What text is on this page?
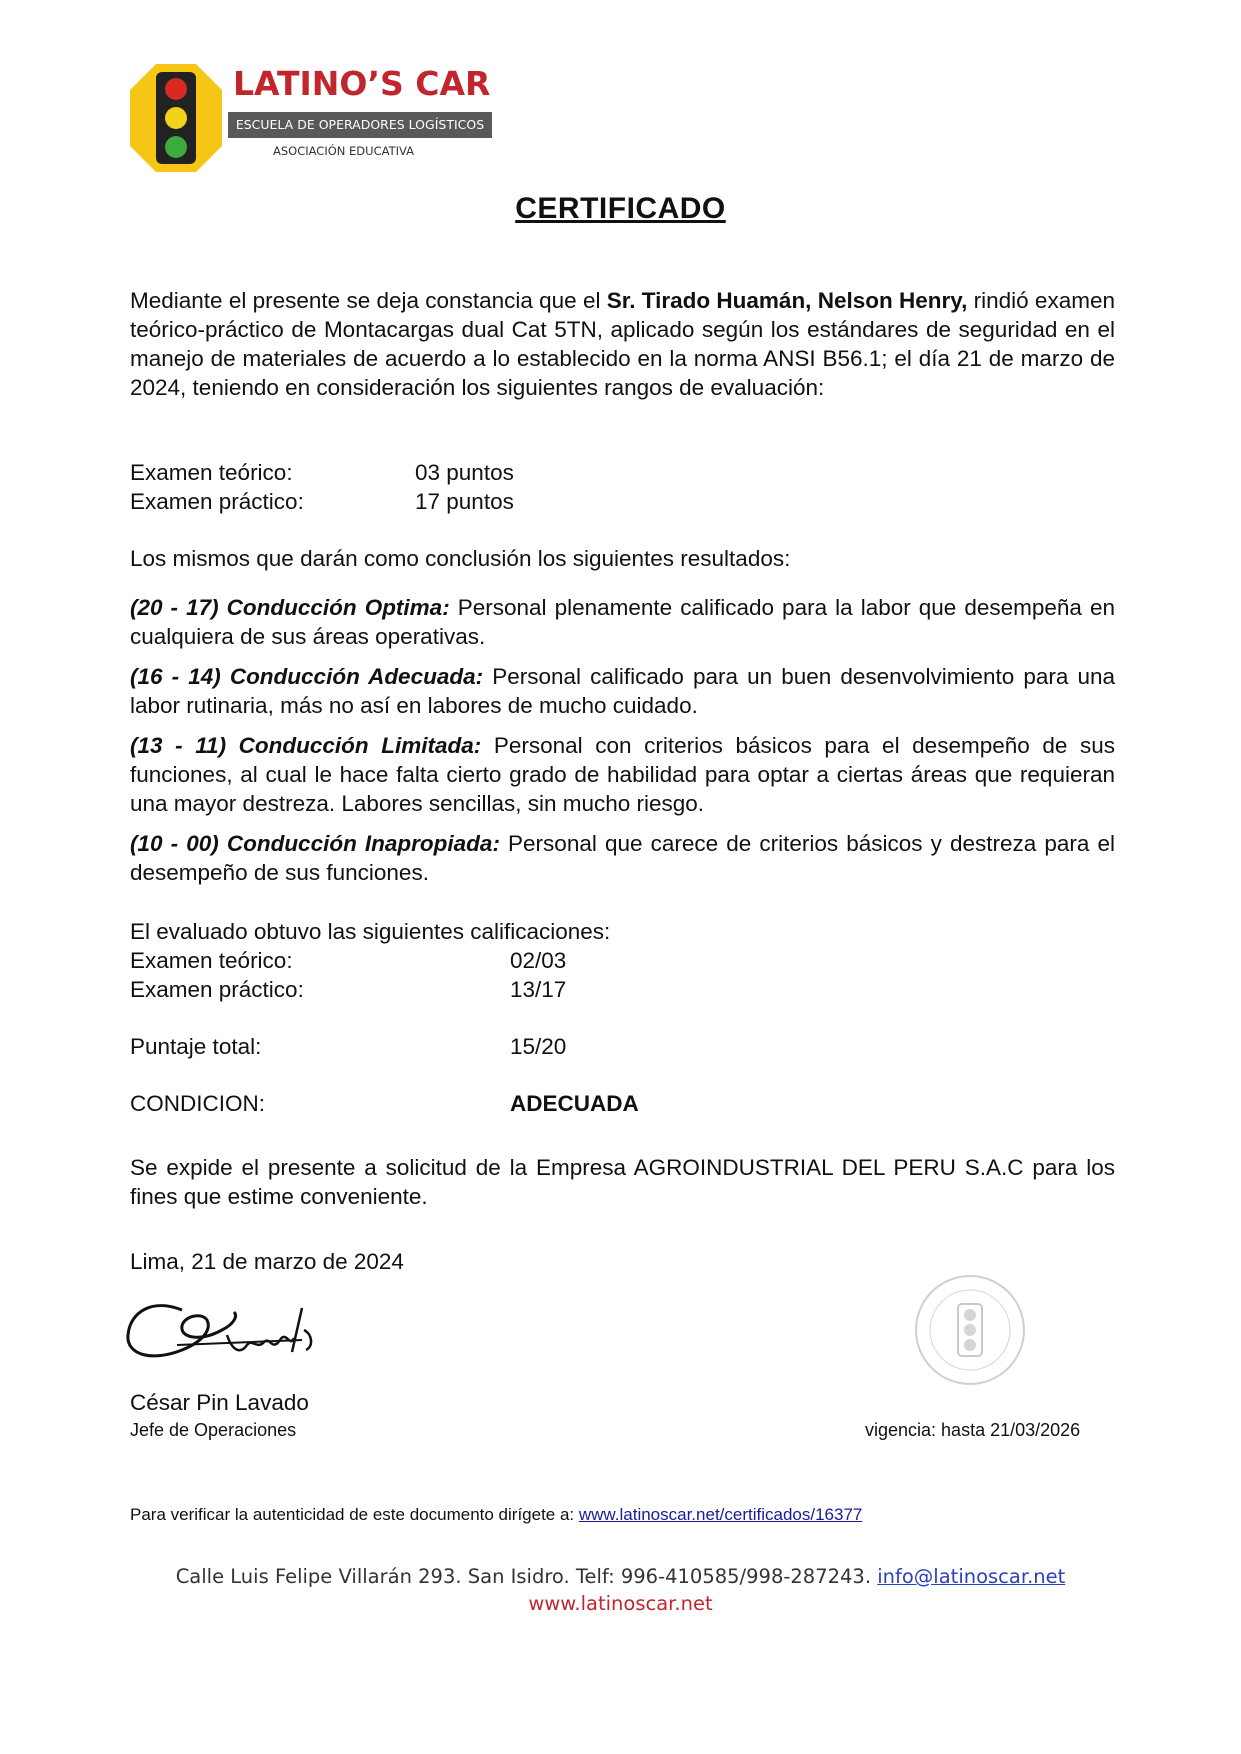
LATINO’S CAR
ESCUELA DE OPERADORES LOGÍSTICOS
ASOCIACIÓN EDUCATIVA
CERTIFICADO
Mediante el presente se deja constancia que el Sr. Tirado Huamán, Nelson Henry, rindió examen teórico-práctico de Montacargas dual Cat 5TN, aplicado según los estándares de seguridad en el manejo de materiales de acuerdo a lo establecido en la norma ANSI B56.1; el día 21 de marzo de 2024, teniendo en consideración los siguientes rangos de evaluación:
Examen teórico:	03 puntos
Examen práctico:	17 puntos
Los mismos que darán como conclusión los siguientes resultados:
(20 - 17) Conducción Optima: Personal plenamente calificado para la labor que desempeña en cualquiera de sus áreas operativas.
(16 - 14) Conducción Adecuada: Personal calificado para un buen desenvolvimiento para una labor rutinaria, más no así en labores de mucho cuidado.
(13 - 11) Conducción Limitada: Personal con criterios básicos para el desempeño de sus funciones, al cual le hace falta cierto grado de habilidad para optar a ciertas áreas que requieran una mayor destreza. Labores sencillas, sin mucho riesgo.
(10 - 00) Conducción Inapropiada: Personal que carece de criterios básicos y destreza para el desempeño de sus funciones.
El evaluado obtuvo las siguientes calificaciones:
Examen teórico:	02/03
Examen práctico:	13/17
Puntaje total:	15/20
CONDICION:	ADECUADA
Se expide el presente a solicitud de la Empresa AGROINDUSTRIAL DEL PERU S.A.C para los fines que estime conveniente.
Lima, 21 de marzo de 2024
César Pin Lavado
Jefe de Operaciones	vigencia: hasta 21/03/2026
Para verificar la autenticidad de este documento dirígete a: www.latinoscar.net/certificados/16377
Calle Luis Felipe Villarán 293. San Isidro. Telf: 996-410585/998-287243. info@latinoscar.net
www.latinoscar.net
